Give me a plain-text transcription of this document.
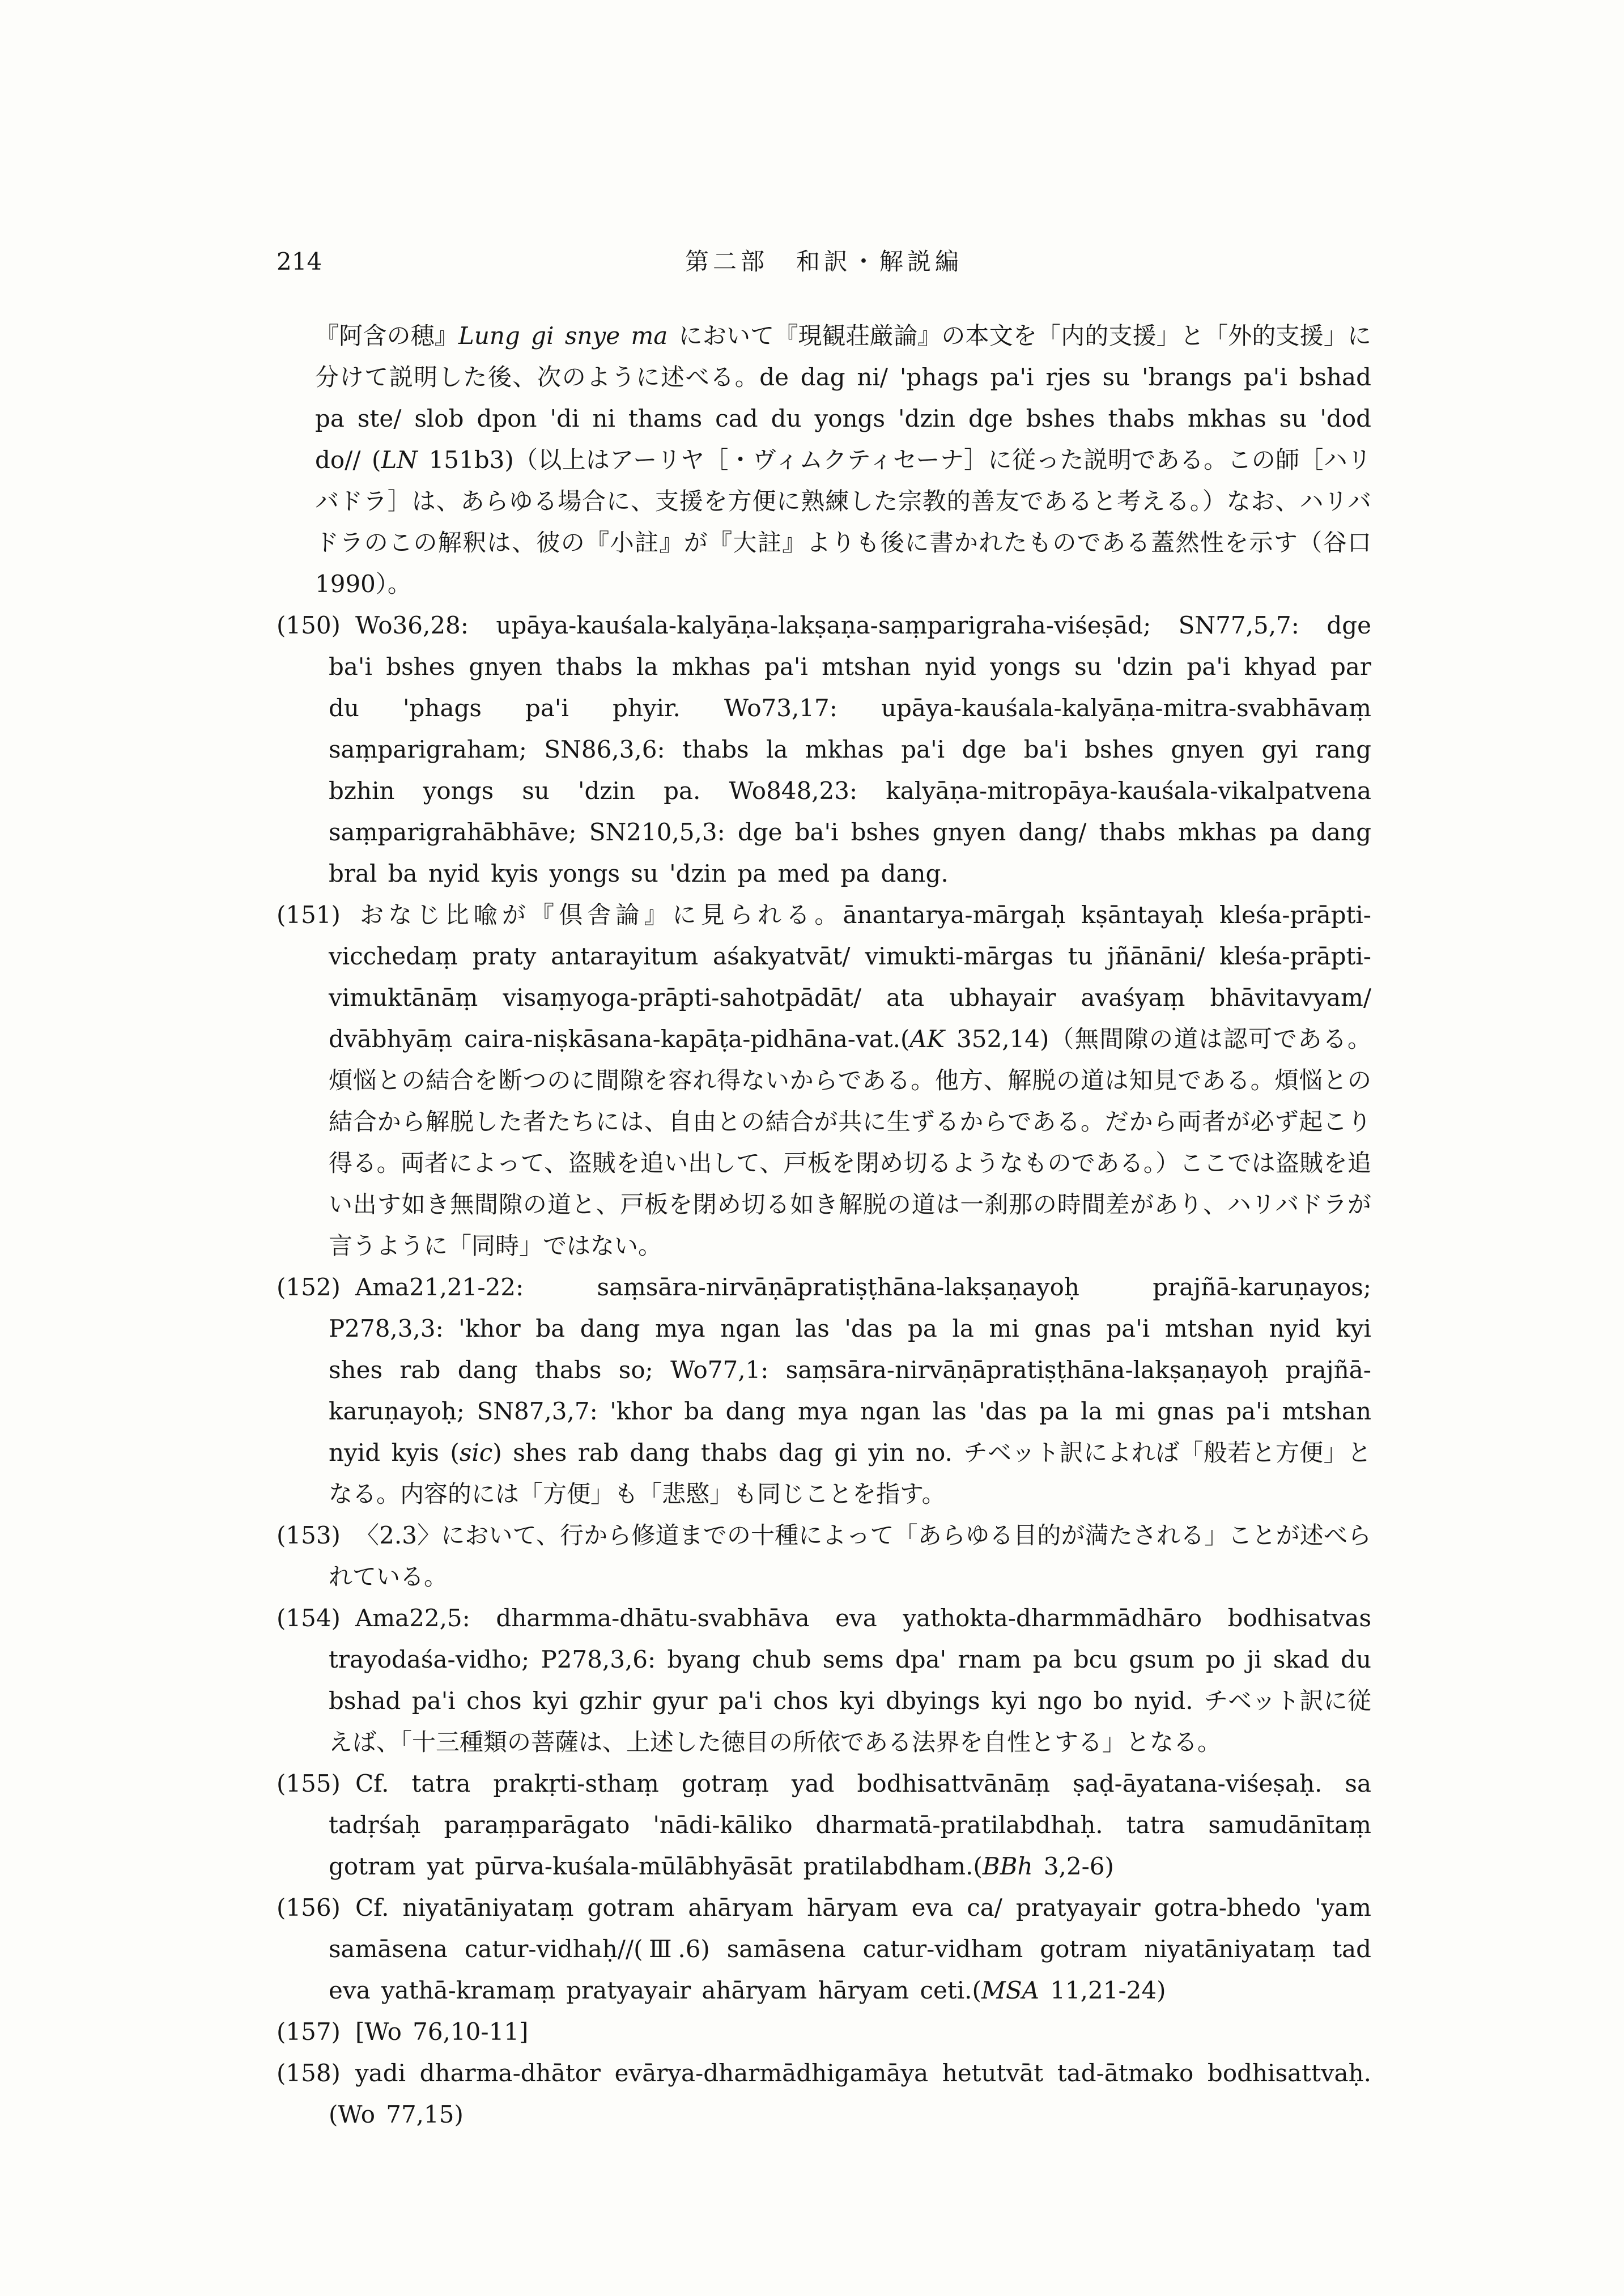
214	第二部　和訳・解説編

『阿含の穂』Lung gi snye ma において『現観荘厳論』の本文を「内的支援」と「外的支援」に分けて説明した後、次のように述べる。de dag ni/ 'phags pa'i rjes su 'brangs pa'i bshad pa ste/ slob dpon 'di ni thams cad du yongs 'dzin dge bshes thabs mkhas su 'dod do// (LN 151b3)（以上はアーリヤ［・ヴィムクティセーナ］に従った説明である。この師［ハリバドラ］は、あらゆる場合に、支援を方便に熟練した宗教的善友であると考える。）なお、ハリバドラのこの解釈は、彼の『小註』が『大註』よりも後に書かれたものである蓋然性を示す（谷口 1990）。

(150) Wo36,28: upāya-kauśala-kalyāṇa-lakṣaṇa-saṃparigraha-viśeṣād; SN77,5,7: dge ba'i bshes gnyen thabs la mkhas pa'i mtshan nyid yongs su 'dzin pa'i khyad par du 'phags pa'i phyir. Wo73,17: upāya-kauśala-kalyāṇa-mitra-svabhāvaṃ saṃparigraham; SN86,3,6: thabs la mkhas pa'i dge ba'i bshes gnyen gyi rang bzhin yongs su 'dzin pa. Wo848,23: kalyāṇa-mitropāya-kauśala-vikalpatvena saṃparigrahābhāve; SN210,5,3: dge ba'i bshes gnyen dang/ thabs mkhas pa dang bral ba nyid kyis yongs su 'dzin pa med pa dang.

(151) おなじ比喩が『倶舎論』に見られる。ānantarya-mārgaḥ kṣāntayaḥ kleśa-prāpti-vicchedaṃ praty antarayitum aśakyatvāt/ vimukti-mārgas tu jñānāni/ kleśa-prāpti-vimuktānāṃ visaṃyoga-prāpti-sahotpādāt/ ata ubhayair avaśyaṃ bhāvitavyam/ dvābhyāṃ caira-niṣkāsana-kapāṭa-pidhāna-vat.(AK 352,14)（無間隙の道は認可である。煩悩との結合を断つのに間隙を容れ得ないからである。他方、解脱の道は知見である。煩悩との結合から解脱した者たちには、自由との結合が共に生ずるからである。だから両者が必ず起こり得る。両者によって、盗賊を追い出して、戸板を閉め切るようなものである。）ここでは盗賊を追い出す如き無間隙の道と、戸板を閉め切る如き解脱の道は一刹那の時間差があり、ハリバドラが言うように「同時」ではない。

(152) Ama21,21-22: saṃsāra-nirvāṇāpratiṣṭhāna-lakṣaṇayoḥ prajñā-karuṇayos; P278,3,3: 'khor ba dang mya ngan las 'das pa la mi gnas pa'i mtshan nyid kyi shes rab dang thabs so; Wo77,1: saṃsāra-nirvāṇāpratiṣṭhāna-lakṣaṇayoḥ prajñā-karuṇayoḥ; SN87,3,7: 'khor ba dang mya ngan las 'das pa la mi gnas pa'i mtshan nyid kyis (sic) shes rab dang thabs dag gi yin no. チベット訳によれば「般若と方便」となる。内容的には「方便」も「悲愍」も同じことを指す。

(153) 〈2.3〉において、行から修道までの十種によって「あらゆる目的が満たされる」ことが述べられている。

(154) Ama22,5: dharmma-dhātu-svabhāva eva yathokta-dharmmādhāro bodhisatvas trayodaśa-vidho; P278,3,6: byang chub sems dpa' rnam pa bcu gsum po ji skad du bshad pa'i chos kyi gzhir gyur pa'i chos kyi dbyings kyi ngo bo nyid. チベット訳に従えば、「十三種類の菩薩は、上述した徳目の所依である法界を自性とする」となる。

(155) Cf. tatra prakṛti-sthaṃ gotraṃ yad bodhisattvānāṃ ṣaḍ-āyatana-viśeṣaḥ. sa tadṛśaḥ paraṃparāgato 'nādi-kāliko dharmatā-pratilabdhaḥ. tatra samudānītaṃ gotram yat pūrva-kuśala-mūlābhyāsāt pratilabdham.(BBh 3,2-6)

(156) Cf. niyatāniyataṃ gotram ahāryam hāryam eva ca/ pratyayair gotra-bhedo 'yam samāsena catur-vidhaḥ//(Ⅲ.6) samāsena catur-vidham gotram niyatāniyataṃ tad eva yathā-kramaṃ pratyayair ahāryam hāryam ceti.(MSA 11,21-24)

(157) [Wo 76,10-11]

(158) yadi dharma-dhātor evārya-dharmādhigamāya hetutvāt tad-ātmako bodhisattvaḥ. (Wo 77,15)
